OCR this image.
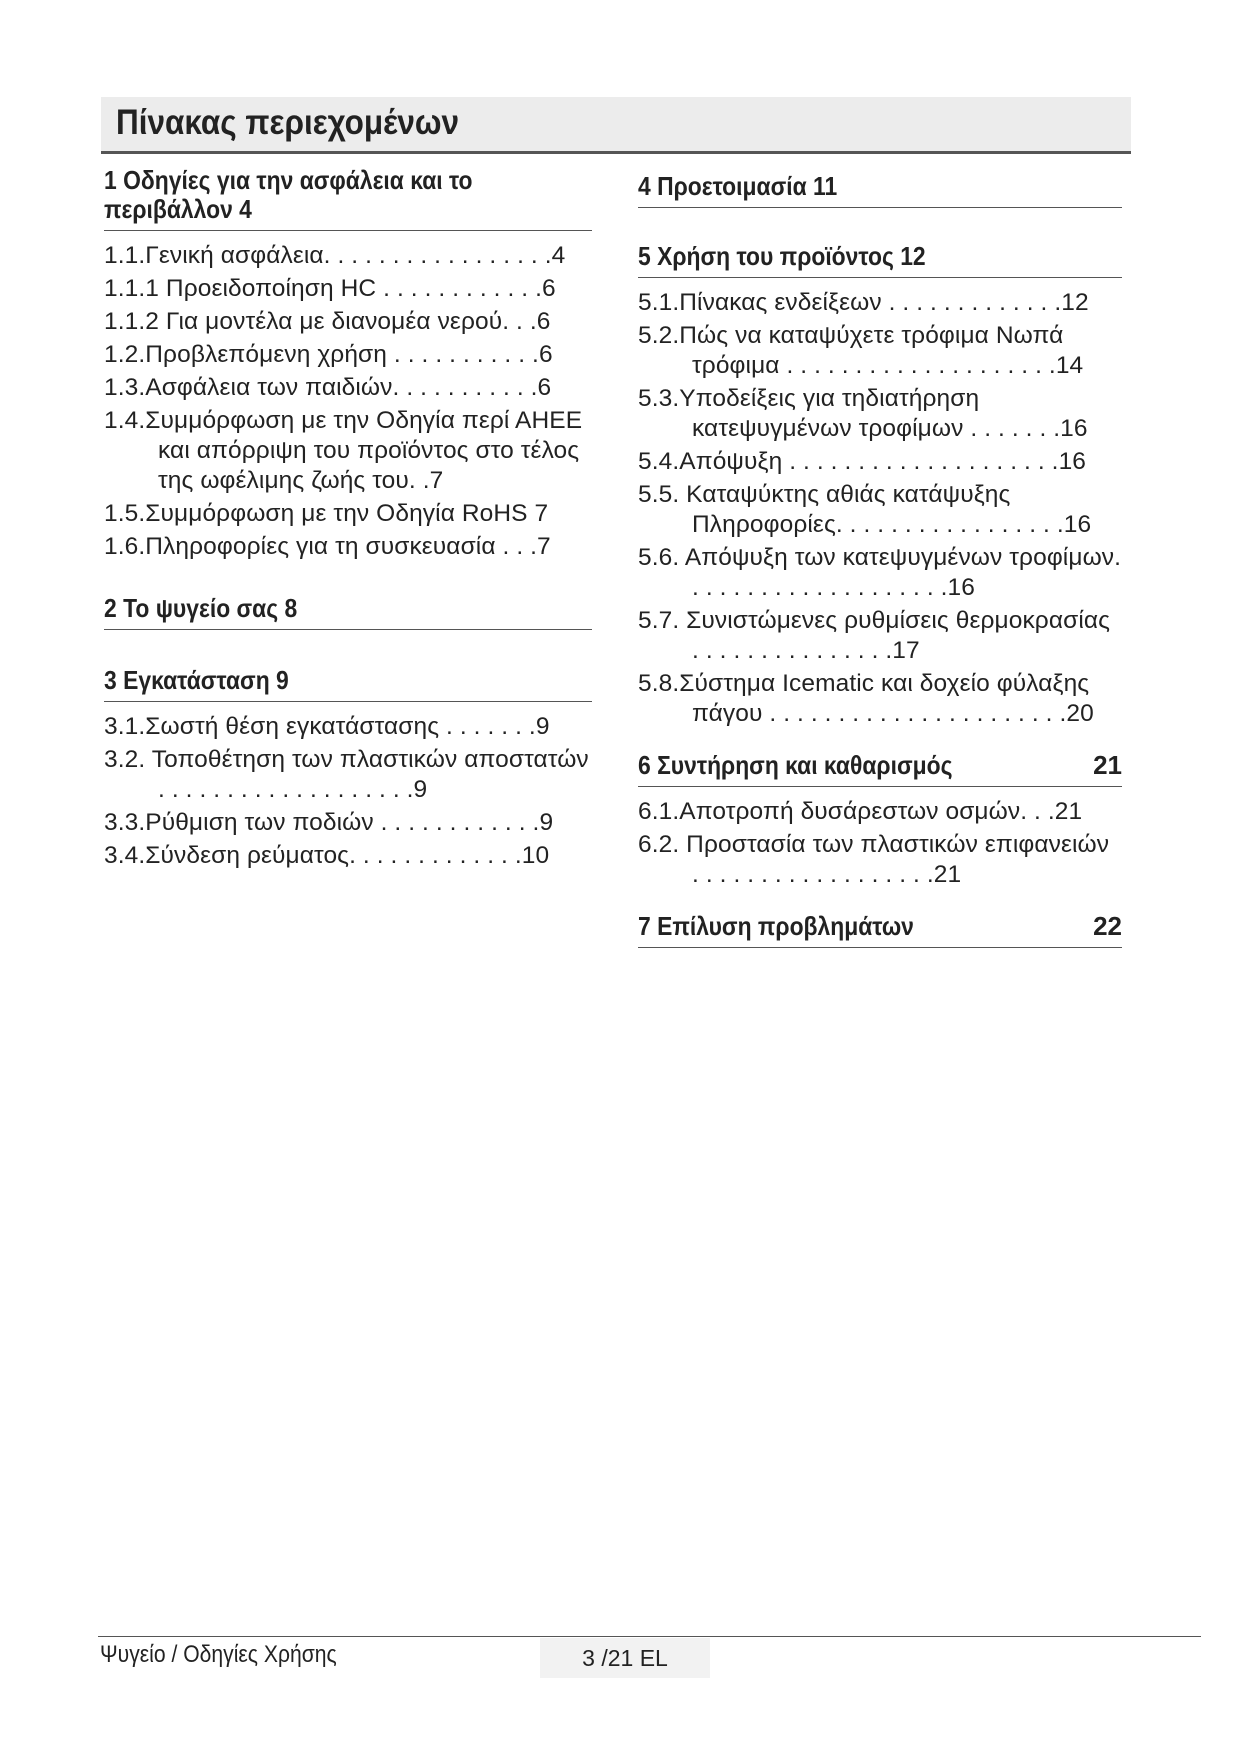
Πίνακας περιεχομένων
1 Οδηγίες για την ασφάλεια και το περιβάλλον 4
1.1.Γενική ασφάλεια. . . . . . . . . . . . . . . . .4
1.1.1 Προειδοποίηση HC . . . . . . . . . . . .6
1.1.2 Για μοντέλα με διανομέα νερού. . .6
1.2.Προβλεπόμενη χρήση . . . . . . . . . . .6
1.3.Ασφάλεια των παιδιών. . . . . . . . . . .6
1.4.Συμμόρφωση με την Οδηγία περί ΑΗΕΕ και απόρριψη του προϊόντος στο τέλος της ωφέλιμης ζωής του. .7
1.5.Συμμόρφωση με την Οδηγία RoHS 7
1.6.Πληροφορίες για τη συσκευασία . . .7
2 Το ψυγείο σας 8
3 Εγκατάσταση 9
3.1.Σωστή θέση εγκατάστασης . . . . . . .9
3.2. Τοποθέτηση των πλαστικών αποστατών . . . . . . . . . . . . . . . . . . .9
3.3.Ρύθμιση των ποδιών . . . . . . . . . . . .9
3.4.Σύνδεση ρεύματος. . . . . . . . . . . . .10
4 Προετοιμασία 11
5 Χρήση του προϊόντος 12
5.1.Πίνακας ενδείξεων . . . . . . . . . . . . .12
5.2.Πώς να καταψύχετε τρόφιμα Νωπά τρόφιμα . . . . . . . . . . . . . . . . . . . .14
5.3.Υποδείξεις για τηδιατήρηση κατεψυγμένων τροφίμων . . . . . . .16
5.4.Απόψυξη . . . . . . . . . . . . . . . . . . . .16
5.5. Καταψύκτης αθιάς κατάψυξης Πληροφορίες. . . . . . . . . . . . . . . . .16
5.6. Απόψυξη των κατεψυγμένων τροφίμων. . . . . . . . . . . . . . . . . . . .16
5.7. Συνιστώμενες ρυθμίσεις θερμοκρασίας . . . . . . . . . . . . . . .17
5.8.Σύστημα Icematic και δοχείο φύλαξης πάγου . . . . . . . . . . . . . . . . . . . . . .20
6 Συντήρηση και καθαρισμός	21
6.1.Αποτροπή δυσάρεστων οσμών. . .21
6.2. Προστασία των πλαστικών επιφανειών . . . . . . . . . . . . . . . . . .21
7 Επίλυση προβλημάτων	22
Ψυγείο / Οδηγίες Χρήσης	3 /21 EL
